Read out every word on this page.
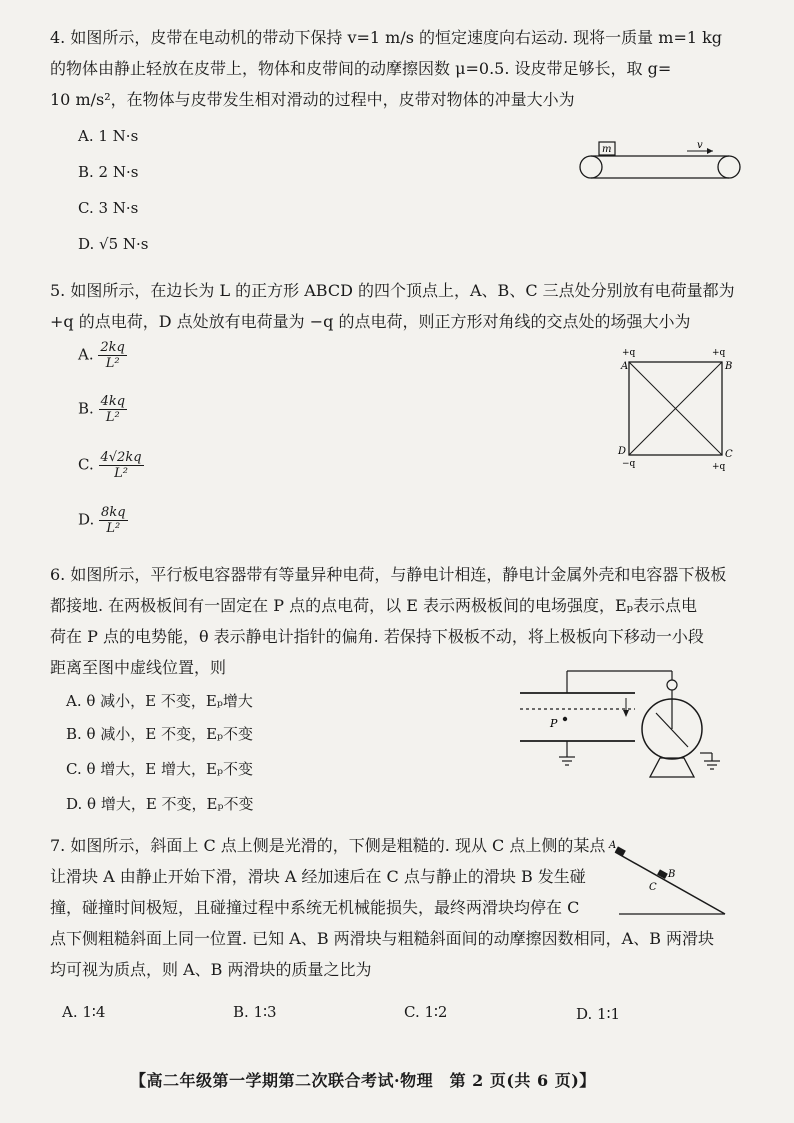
4. 如图所示，皮带在电动机的带动下保持 v=1 m/s 的恒定速度向右运动. 现将一质量 m=1 kg

的物体由静止轻放在皮带上，物体和皮带间的动摩擦因数 μ=0.5. 设皮带足够长，取 g=

10 m/s²，在物体与皮带发生相对滑动的过程中，皮带对物体的冲量大小为

A. 1 N·s
B. 2 N·s
C. 3 N·s
D. √5 N·s
m	v

5. 如图所示，在边长为 L 的正方形 ABCD 的四个顶点上，A、B、C 三点处分别放有电荷量都为

+q 的点电荷，D 点处放有电荷量为 −q 的点电荷，则正方形对角线的交点处的场强大小为

A. $\frac{2kq}{\text{L²}}$
B. $\frac{4kq}{\text{L²}}$
C. $\frac{4√2kq}{\text{L²}}$
D. $\frac{8kq}{\text{L²}}$
+q
A
+q
B
C
+q
D
−q

6. 如图所示，平行板电容器带有等量异种电荷，与静电计相连，静电计金属外壳和电容器下极板

都接地. 在两极板间有一固定在 P 点的点电荷，以 E 表示两极板间的电场强度，Eₚ表示点电

荷在 P 点的电势能，θ 表示静电计指针的偏角. 若保持下极板不动，将上极板向下移动一小段

距离至图中虚线位置，则

A. θ 减小，E 不变，Eₚ增大
B. θ 减小，E 不变，Eₚ不变
C. θ 增大，E 增大，Eₚ不变
D. θ 增大，E 不变，Eₚ不变
P

7. 如图所示，斜面上 C 点上侧是光滑的，下侧是粗糙的. 现从 C 点上侧的某点

让滑块 A 由静止开始下滑，滑块 A 经加速后在 C 点与静止的滑块 B 发生碰

撞，碰撞时间极短，且碰撞过程中系统无机械能损失，最终两滑块均停在 C

点下侧粗糙斜面上同一位置. 已知 A、B 两滑块与粗糙斜面间的动摩擦因数相同，A、B 两滑块

均可视为质点，则 A、B 两滑块的质量之比为

A. 1∶4	B. 1∶3	C. 1∶2	D. 1∶1
A
B
C
【高二年级第一学期第二次联合考试·物理　第 2 页(共 6 页)】
